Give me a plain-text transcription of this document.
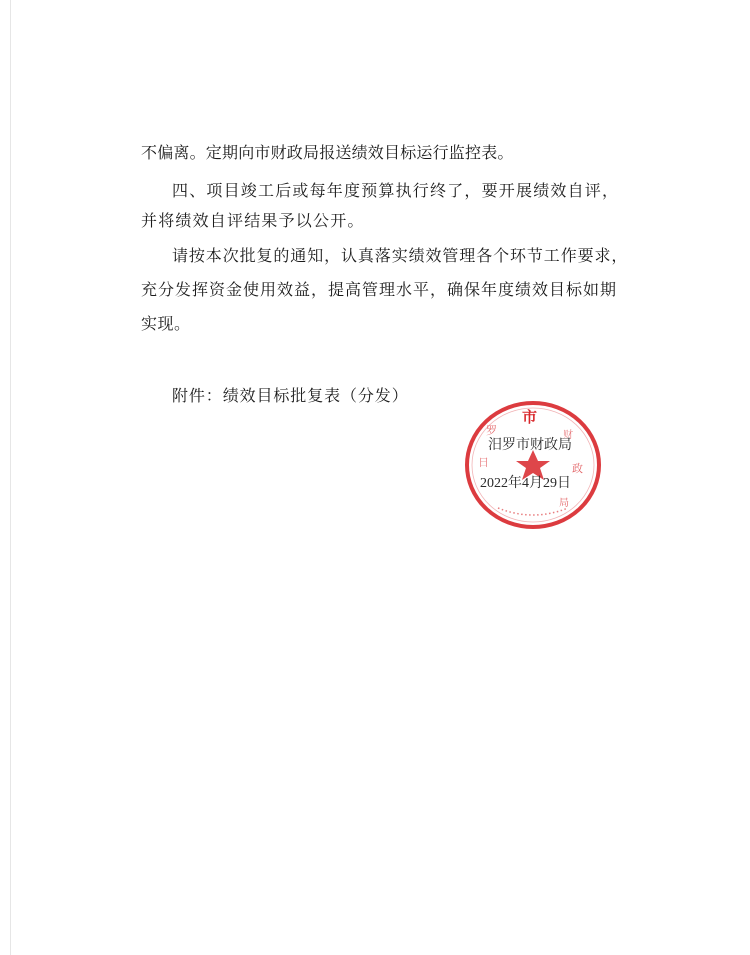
不偏离。定期向市财政局报送绩效目标运行监控表。
四、项目竣工后或每年度预算执行终了，要开展绩效自评，
并将绩效自评结果予以公开。
请按本次批复的通知，认真落实绩效管理各个环节工作要求，
充分发挥资金使用效益，提高管理水平，确保年度绩效目标如期
实现。
附件：绩效目标批复表（分发）
市
罗
日	政
财
局
汨罗市财政局
2022年4月29日
